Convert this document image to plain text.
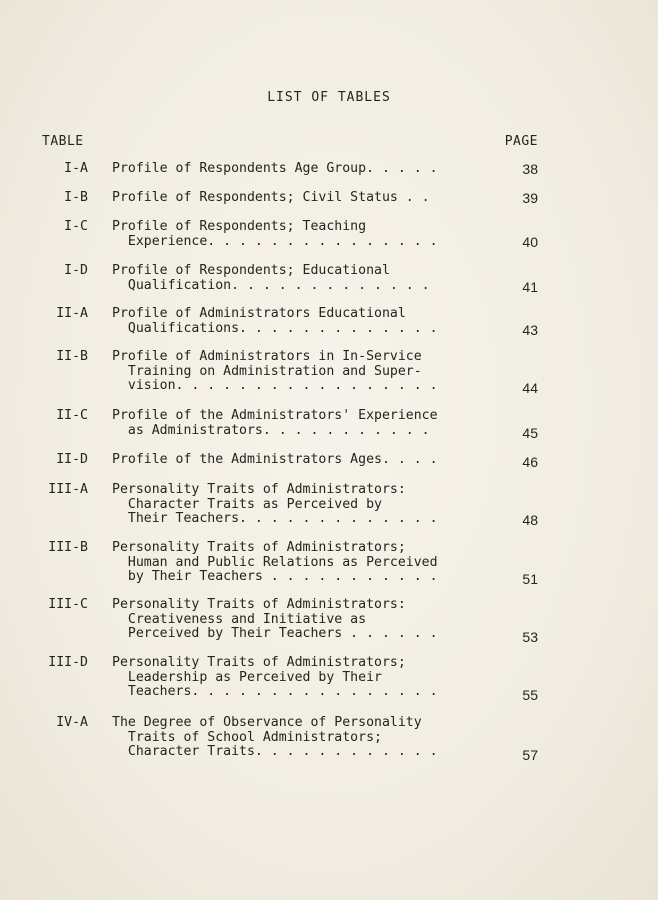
LIST OF TABLES
TABLE	PAGE
I-A Profile of Respondents Age Group. . . . .	38
I-B Profile of Respondents; Civil Status . .	39
I-C Profile of Respondents; Teaching
Experience. . . . . . . . . . . . . . .	40
I-D Profile of Respondents; Educational
Qualification. . . . . . . . . . . . .	41
II-A Profile of Administrators Educational
Qualifications. . . . . . . . . . . . .	43
II-B Profile of Administrators in In-Service
Training on Administration and Super-
vision. . . . . . . . . . . . . . . . .	44
II-C Profile of the Administrators' Experience
as Administrators. . . . . . . . . . .	45
II-D Profile of the Administrators Ages. . . .	46
III-A Personality Traits of Administrators:
Character Traits as Perceived by
Their Teachers. . . . . . . . . . . . .	48
III-B Personality Traits of Administrators;
Human and Public Relations as Perceived
by Their Teachers . . . . . . . . . . .	51
III-C Personality Traits of Administrators:
Creativeness and Initiative as
Perceived by Their Teachers . . . . . .	53
III-D Personality Traits of Administrators;
Leadership as Perceived by Their
Teachers. . . . . . . . . . . . . . . .	55
IV-A The Degree of Observance of Personality
Traits of School Administrators;
Character Traits. . . . . . . . . . . .	57
